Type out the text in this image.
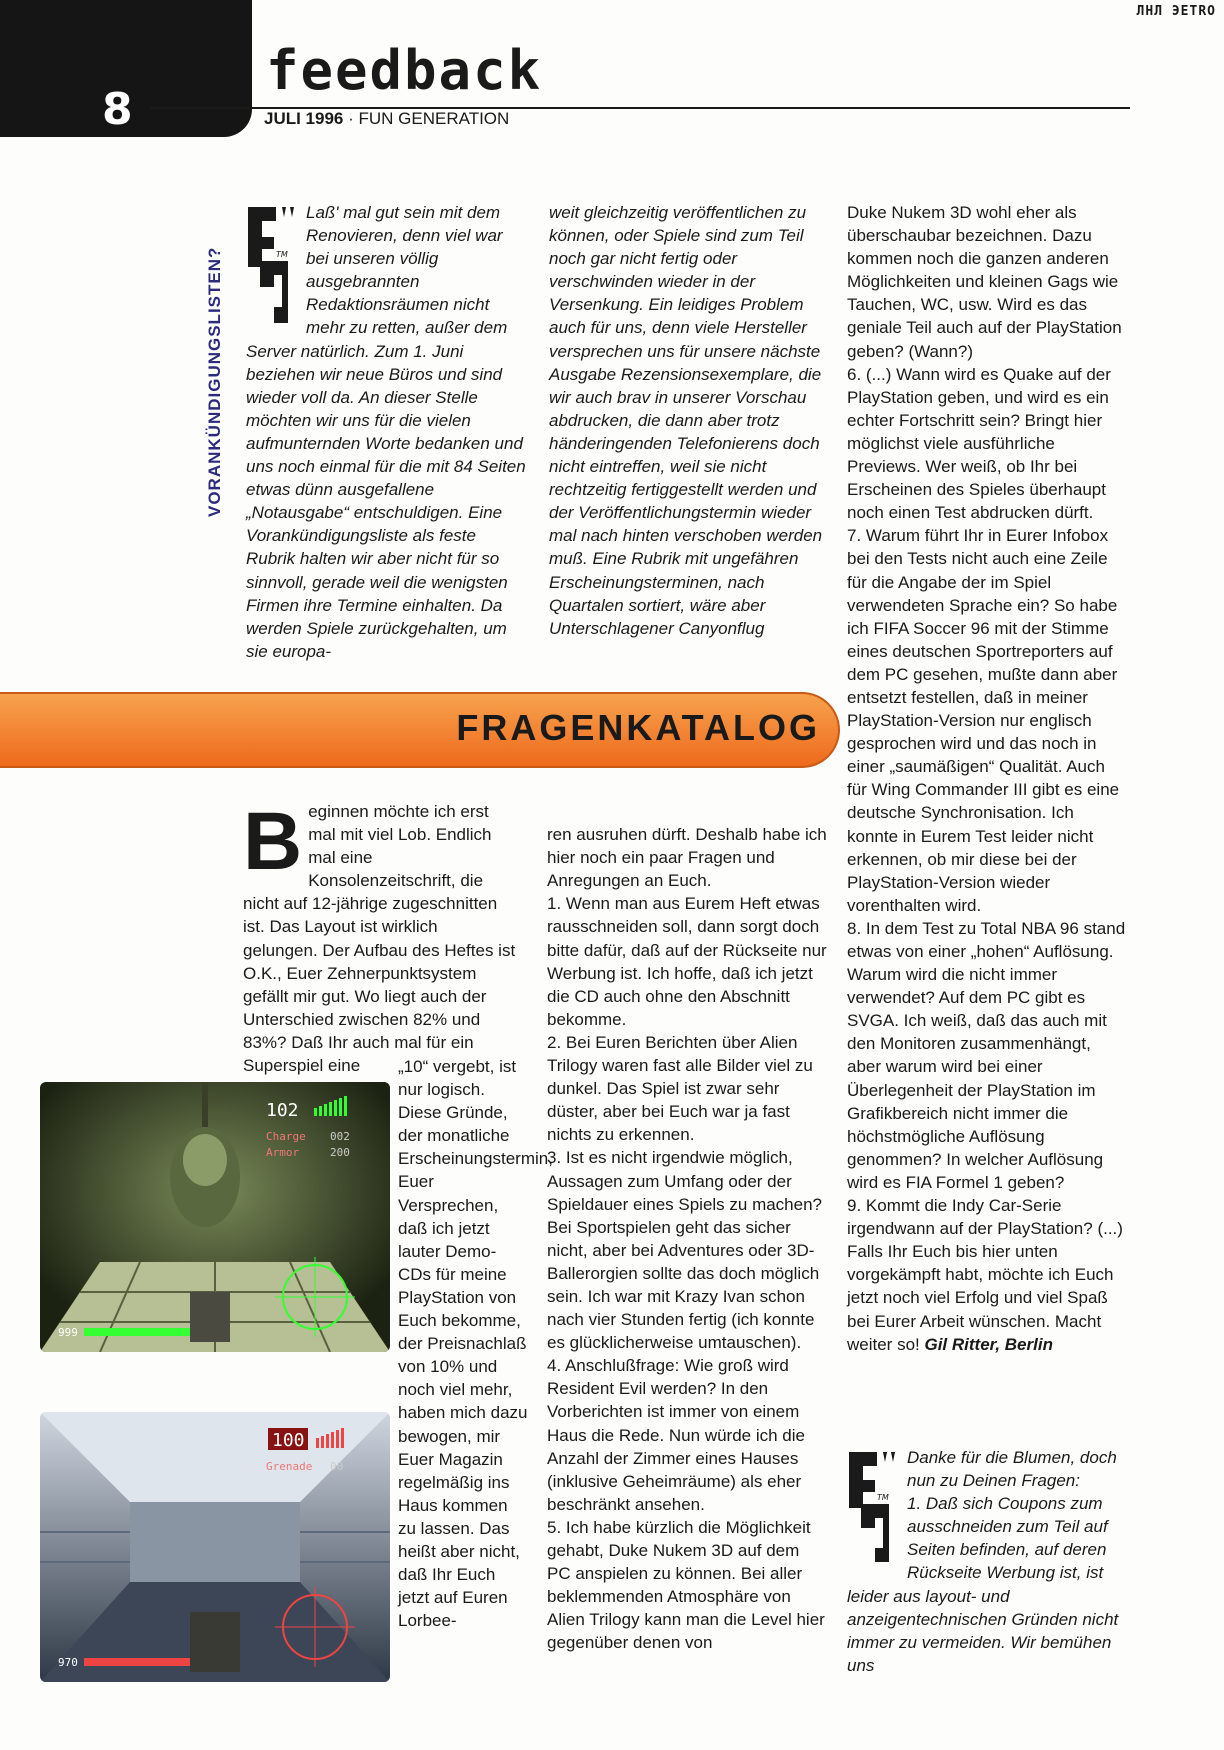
8
feedback
JULI 1996 · FUN GENERATION
ЛНЛ ЭETRO
VORANKÜNDIGUNGSLISTEN?	TM

Laß' mal gut sein mit dem Renovieren, denn viel war bei unseren völlig ausgebrannten Redaktionsräumen nicht mehr zu retten, außer dem Server natürlich. Zum 1. Juni beziehen wir neue Büros und sind wieder voll da. An dieser Stelle möchten wir uns für die vielen aufmunternden Worte bedanken und uns noch einmal für die mit 84 Seiten etwas dünn ausgefallene „Notausgabe“ entschuldigen. Eine Vorankündigungsliste als feste Rubrik halten wir aber nicht für so sinnvoll, gerade weil die wenigsten Firmen ihre Termine einhalten. Da werden Spiele zurückgehalten, um sie europa-

weit gleichzeitig veröffentlichen zu können, oder Spiele sind zum Teil noch gar nicht fertig oder verschwinden wieder in der Versenkung. Ein leidiges Problem auch für uns, denn viele Hersteller versprechen uns für unsere nächste Ausgabe Rezensionsexemplare, die wir auch brav in unserer Vorschau abdrucken, die dann aber trotz händeringenden Telefonierens doch nicht eintreffen, weil sie nicht rechtzeitig fertiggestellt werden und der Veröffentlichungstermin wieder mal nach hinten verschoben werden muß. Eine Rubrik mit ungefähren Erscheinungsterminen, nach Quartalen sortiert, wäre aber Unterschlagener Canyonflug

FRAGENKATALOG
B eginnen möchte ich erst mal mit viel Lob. Endlich mal eine Konsolenzeitschrift, die nicht auf 12-jährige zugeschnitten ist. Das Layout ist wirklich gelungen. Der Aufbau des Heftes ist O.K., Euer Zehnerpunktsystem gefällt mir gut. Wo liegt auch der Unterschied zwischen 82% und 83%? Daß Ihr auch mal für ein Superspiel eine	„10“ vergebt, ist nur logisch. Diese Gründe, der monatliche Erscheinungstermin, Euer Versprechen, daß ich jetzt lauter Demo-CDs für meine PlayStation von Euch bekomme, der Preisnachlaß von 10% und noch viel mehr, haben mich dazu bewogen, mir Euer Magazin regelmäßig ins Haus kommen zu lassen. Das heißt aber nicht, daß Ihr Euch jetzt auf Euren Lorbee-

102
Charge 002
Armor	200
999
100
Grenade 00
970

ren ausruhen dürft. Deshalb habe ich hier noch ein paar Fragen und Anregungen an Euch.
1. Wenn man aus Eurem Heft etwas rausschneiden soll, dann sorgt doch bitte dafür, daß auf der Rückseite nur Werbung ist. Ich hoffe, daß ich jetzt die CD auch ohne den Abschnitt bekomme.
2. Bei Euren Berichten über Alien Trilogy waren fast alle Bilder viel zu dunkel. Das Spiel ist zwar sehr düster, aber bei Euch war ja fast nichts zu erkennen.
3. Ist es nicht irgendwie möglich, Aussagen zum Umfang oder der Spieldauer eines Spiels zu machen? Bei Sportspielen geht das sicher nicht, aber bei Adventures oder 3D-Ballerorgien sollte das doch möglich sein. Ich war mit Krazy Ivan schon nach vier Stunden fertig (ich konnte es glücklicherweise umtauschen).
4. Anschlußfrage: Wie groß wird Resident Evil werden? In den Vorberichten ist immer von einem Haus die Rede. Nun würde ich die Anzahl der Zimmer eines Hauses (inklusive Geheimräume) als eher beschränkt ansehen.
5. Ich habe kürzlich die Möglichkeit gehabt, Duke Nukem 3D auf dem PC anspielen zu können. Bei aller beklemmenden Atmosphäre von Alien Trilogy kann man die Level hier gegenüber denen von

Duke Nukem 3D wohl eher als überschaubar bezeichnen. Dazu kommen noch die ganzen anderen Möglichkeiten und kleinen Gags wie Tauchen, WC, usw. Wird es das geniale Teil auch auf der PlayStation geben? (Wann?)
6. (...) Wann wird es Quake auf der PlayStation geben, und wird es ein echter Fortschritt sein? Bringt hier möglichst viele ausführliche Previews. Wer weiß, ob Ihr bei Erscheinen des Spieles überhaupt noch einen Test abdrucken dürft.
7. Warum führt Ihr in Eurer Infobox bei den Tests nicht auch eine Zeile für die Angabe der im Spiel verwendeten Sprache ein? So habe ich FIFA Soccer 96 mit der Stimme eines deutschen Sportreporters auf dem PC gesehen, mußte dann aber entsetzt festellen, daß in meiner PlayStation-Version nur englisch gesprochen wird und das noch in einer „saumäßigen“ Qualität. Auch für Wing Commander III gibt es eine deutsche Synchronisation. Ich konnte in Eurem Test leider nicht erkennen, ob mir diese bei der PlayStation-Version wieder vorenthalten wird.
8. In dem Test zu Total NBA 96 stand etwas von einer „hohen“ Auflösung. Warum wird die nicht immer verwendet? Auf dem PC gibt es SVGA. Ich weiß, daß das auch mit den Monitoren zusammenhängt, aber warum wird bei einer Überlegenheit der PlayStation im Grafikbereich nicht immer die höchstmögliche Auflösung genommen? In welcher Auflösung wird es FIA Formel 1 geben?
9. Kommt die Indy Car-Serie irgendwann auf der PlayStation? (...) Falls Ihr Euch bis hier unten vorgekämpft habt, möchte ich Euch jetzt noch viel Erfolg und viel Spaß bei Eurer Arbeit wünschen. Macht weiter so! Gil Ritter, Berlin

TM

Danke für die Blumen, doch nun zu Deinen Fragen:
1. Daß sich Coupons zum ausschneiden zum Teil auf Seiten befinden, auf deren Rückseite Werbung ist, ist leider aus layout- und anzeigentechnischen Gründen nicht immer zu vermeiden. Wir bemühen uns
